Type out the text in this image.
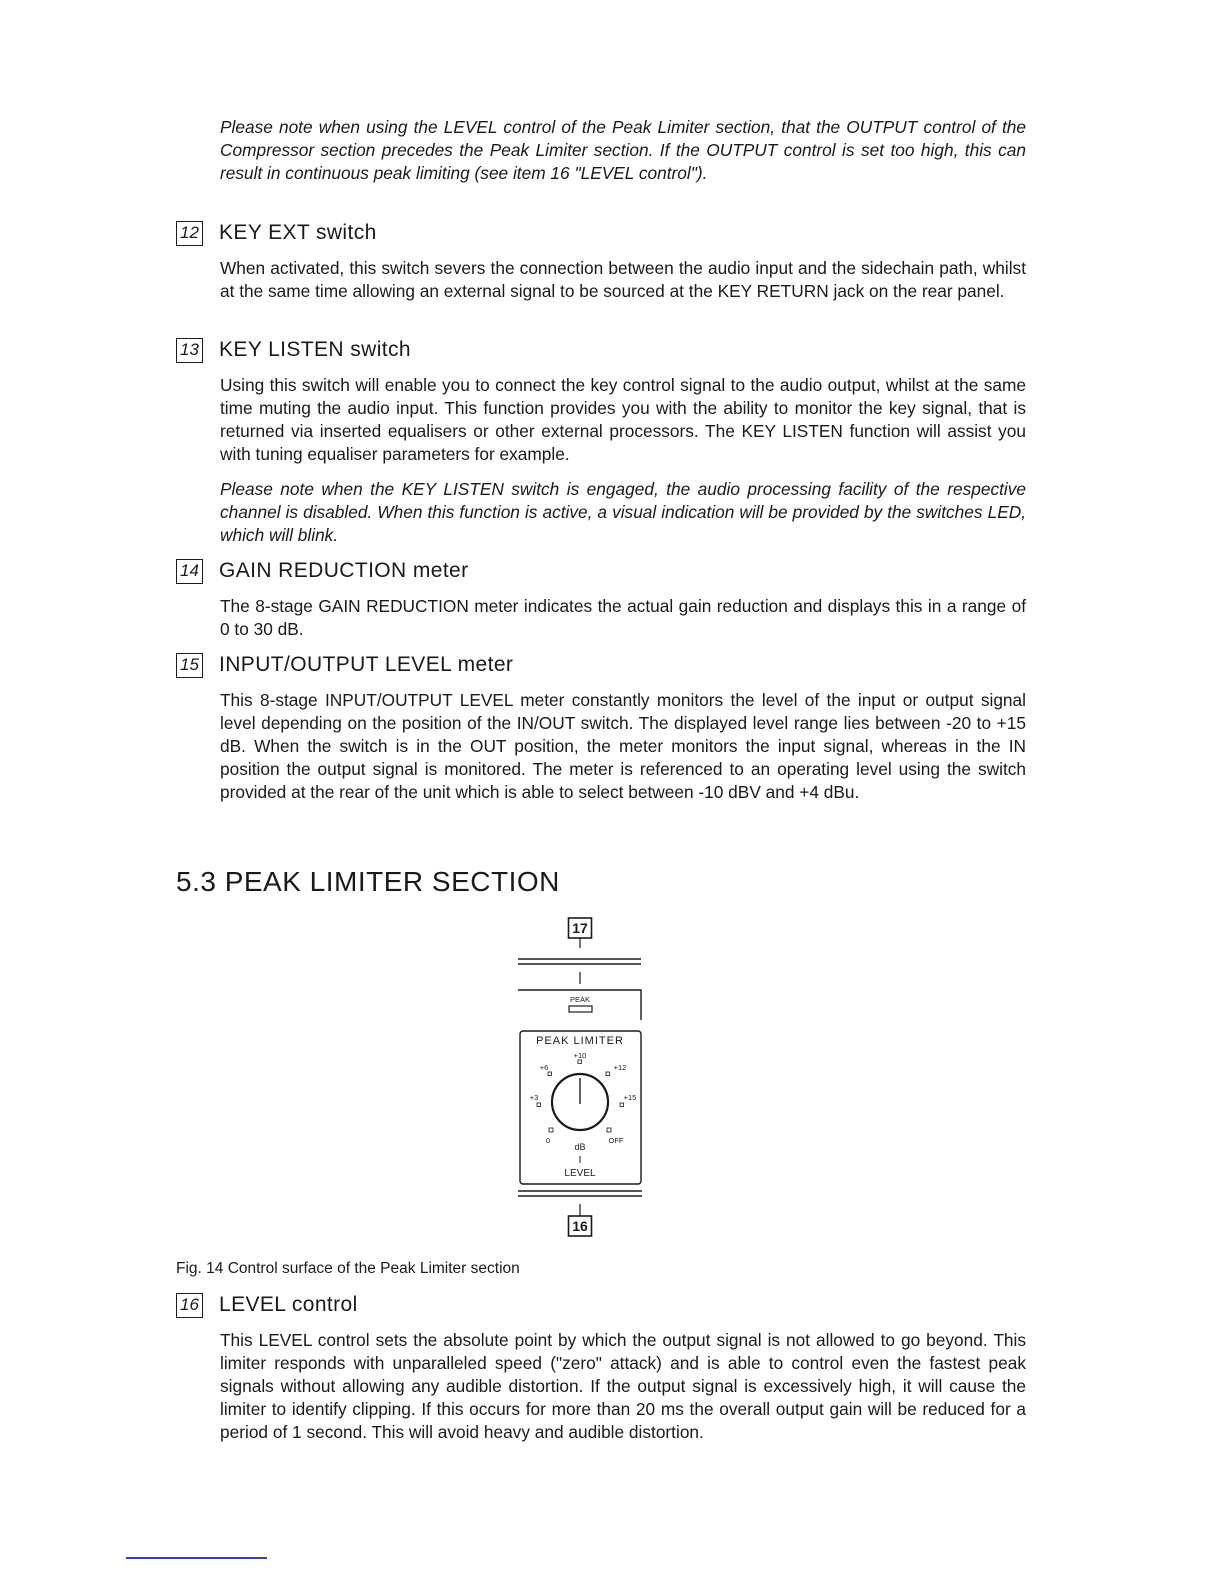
Please note when using the LEVEL control of the Peak Limiter section, that the OUTPUT control of the Compressor section precedes the Peak Limiter section. If the OUTPUT control is set too high, this can result in continuous peak limiting (see item 16 "LEVEL control").

12 KEY EXT switch

When activated, this switch severs the connection between the audio input and the sidechain path, whilst at the same time allowing an external signal to be sourced at the KEY RETURN jack on the rear panel.

13 KEY LISTEN switch

Using this switch will enable you to connect the key control signal to the audio output, whilst at the same time muting the audio input. This function provides you with the ability to monitor the key signal, that is returned via inserted equalisers or other external processors. The KEY LISTEN function will assist you with tuning equaliser parameters for example.

Please note when the KEY LISTEN switch is engaged, the audio processing facility of the respective channel is disabled. When this function is active, a visual indication will be provided by the switches LED, which will blink.

14 GAIN REDUCTION meter

The 8-stage GAIN REDUCTION meter indicates the actual gain reduction and displays this in a range of 0 to 30 dB.

15 INPUT/OUTPUT LEVEL meter

This 8-stage INPUT/OUTPUT LEVEL meter constantly monitors the level of the input or output signal level depending on the position of the IN/OUT switch. The displayed level range lies between -20 to +15 dB. When the switch is in the OUT position, the meter monitors the input signal, whereas in the IN position the output signal is monitored. The meter is referenced to an operating level using the switch provided at the rear of the unit which is able to select between -10 dBV and +4 dBu.

5.3 PEAK LIMITER SECTION
17
PEAK
PEAK LIMITER
+10
+6	+12
+3	+15
0	OFF
dB
LEVEL
16
Fig. 14 Control surface of the Peak Limiter section
16 LEVEL control

This LEVEL control sets the absolute point by which the output signal is not allowed to go beyond. This limiter responds with unparalleled speed ("zero" attack) and is able to control even the fastest peak signals without allowing any audible distortion. If the output signal is excessively high, it will cause the limiter to identify clipping. If this occurs for more than 20 ms the overall output gain will be reduced for a period of 1 second. This will avoid heavy and audible distortion.
